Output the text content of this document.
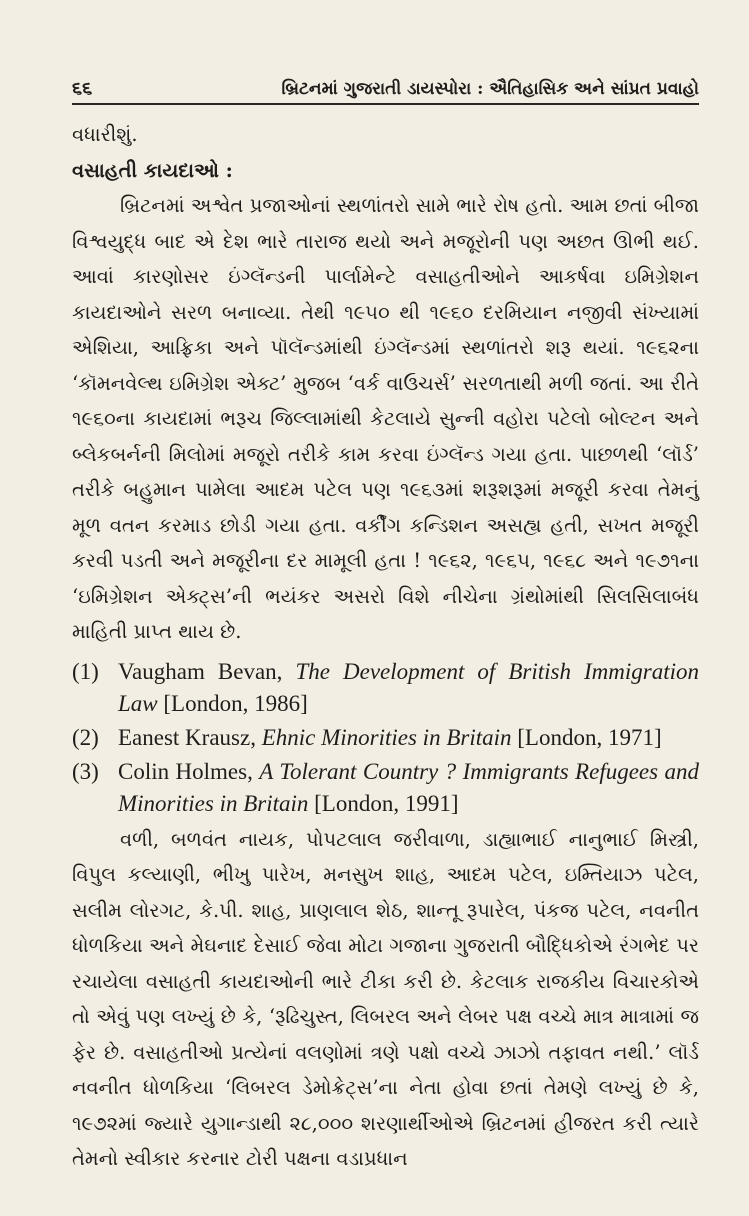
૬૬	બ્રિટનમાં ગુજરાતી ડાયસ્પોરા : ઐતિહાસિક અને સાંપ્રત પ્રવાહો

વધારીશું.

વસાહતી કાયદાઓ :

બ્રિટનમાં અશ્વેત પ્રજાઓનાં સ્થળાંતરો સામે ભારે રોષ હતો. આમ છતાં બીજા વિશ્વયુદ્ધ બાદ એ દેશ ભારે તારાજ થયો અને મજૂરોની પણ અછત ઊભી થઈ. આવાં કારણોસર ઇંગ્લૅન્ડની પાર્લામેન્ટે વસાહતીઓને આકર્ષવા ઇમિગ્રેશન કાયદાઓને સરળ બનાવ્યા. તેથી ૧૯૫૦ થી ૧૯૬૦ દરમિયાન નજીવી સંખ્યામાં એશિયા, આફ્રિકા અને પૉલૅન્ડમાંથી ઇંગ્લૅન્ડમાં સ્થળાંતરો શરૂ થયાં. ૧૯૬૨ના ‘કૉમનવેલ્થ ઇમિગ્રેશ એક્ટ’ મુજબ ‘વર્ક વાઉચર્સ’ સરળતાથી મળી જતાં. આ રીતે ૧૯૬૦ના કાયદામાં ભરૂચ જિલ્લામાંથી કેટલાયે સુન્ની વહોરા પટેલો બોલ્ટન અને બ્લેકબર્નની મિલોમાં મજૂરો તરીકે કામ કરવા ઇંગ્લૅન્ડ ગયા હતા. પાછળથી ‘લૉર્ડ’ તરીકે બહુમાન પામેલા આદમ પટેલ પણ ૧૯૬૩માં શરૂશરૂમાં મજૂરી કરવા તેમનું મૂળ વતન કરમાડ છોડી ગયા હતા. વર્કીંગ કન્ડિશન અસહ્ય હતી, સખત મજૂરી કરવી પડતી અને મજૂરીના દર મામૂલી હતા ! ૧૯૬૨, ૧૯૬૫, ૧૯૬૮ અને ૧૯૭૧ના ‘ઇમિગ્રેશન એક્ટ્સ’ની ભયંકર અસરો વિશે નીચેના ગ્રંથોમાંથી સિલસિલાબંધ માહિતી પ્રાપ્ત થાય છે.

(1) Vaugham Bevan, The Development of British Immigration Law [London, 1986]
(2) Eanest Krausz, Ehnic Minorities in Britain [London, 1971]
(3) Colin Holmes, A Tolerant Country ? Immigrants Refugees and Minorities in Britain [London, 1991]

વળી, બળવંત નાયક, પોપટલાલ જરીવાળા, ડાહ્યાભાઈ નાનુભાઈ મિસ્ત્રી, વિપુલ કલ્યાણી, ભીખુ પારેખ, મનસુખ શાહ, આદમ પટેલ, ઇમ્તિયાઝ પટેલ, સલીમ લોરગટ, કે.પી. શાહ, પ્રાણલાલ શેઠ, શાન્તૂ રૂપારેલ, પંકજ પટેલ, નવનીત ધોળકિયા અને મેઘનાદ દેસાઈ જેવા મોટા ગજાના ગુજરાતી બૌદ્ધિકોએ રંગભેદ પર રચાયેલા વસાહતી કાયદાઓની ભારે ટીકા કરી છે. કેટલાક રાજકીય વિચારકોએ તો એવું પણ લખ્યું છે કે, ‘રૂઢિચુસ્ત, લિબરલ અને લેબર પક્ષ વચ્ચે માત્ર માત્રામાં જ ફેર છે. વસાહતીઓ પ્રત્યેનાં વલણોમાં ત્રણે પક્ષો વચ્ચે ઝાઝો તફાવત નથી.’ લૉર્ડ નવનીત ધોળકિયા ‘લિબરલ ડેમોક્રેટ્સ’ના નેતા હોવા છતાં તેમણે લખ્યું છે કે, ૧૯૭૨માં જ્યારે યુગાન્ડાથી ૨૮,૦૦૦ શરણાર્થીઓએ બ્રિટનમાં હીજરત કરી ત્યારે તેમનો સ્વીકાર કરનાર ટોરી પક્ષના વડાપ્રધાન
